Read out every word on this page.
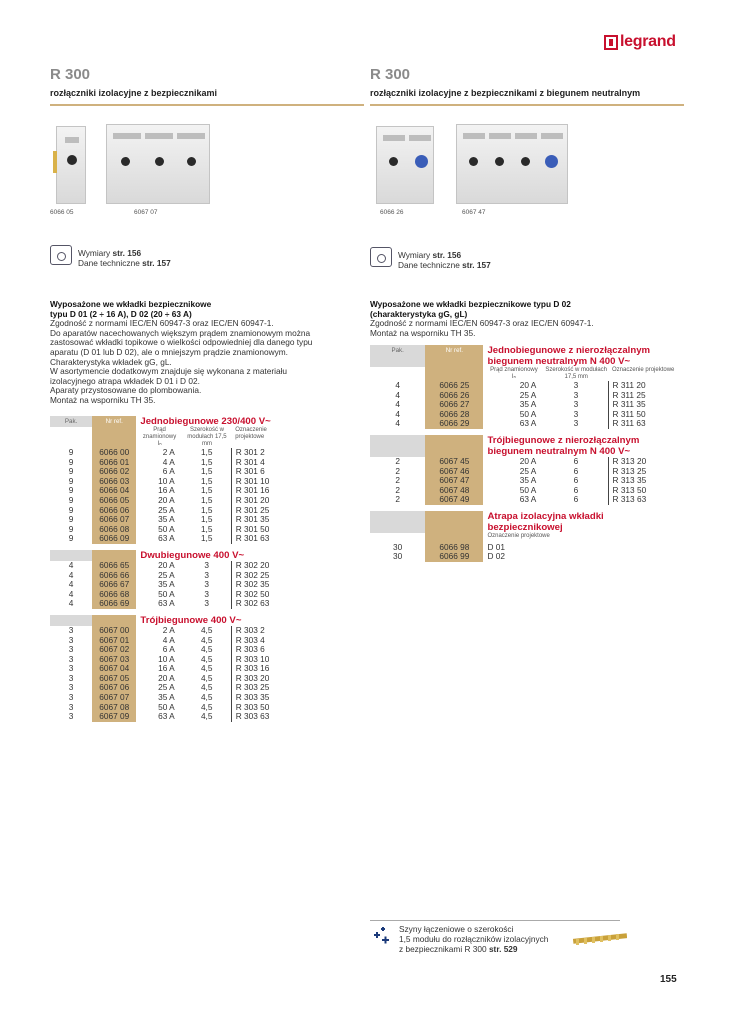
legrand
R 300
rozłączniki izolacyjne z bezpiecznikami
6066 05	6067 07
Wymiary str. 156
Dane techniczne str. 157
Wyposażone we wkładki bezpiecznikowe
typu D 01 (2 ÷ 16 A), D 02 (20 ÷ 63 A)
Zgodność z normami IEC/EN 60947-3 oraz IEC/EN 60947-1.
Do aparatów nacechowanych większym prądem znamionowym można
zastosować wkładki topikowe o wielkości odpowiedniej dla danego typu
aparatu (D 01 lub D 02), ale o mniejszym prądzie znamionowym.
Charakterystyka wkładek gG, gL.
W asortymencie dodatkowym znajduje się wykonana z materiału
izolacyjnego atrapa wkładek D 01 i D 02.
Aparaty przystosowane do plombowania.
Montaż na wsporniku TH 35.
Pak.	Nr ref.	Jednobiegunowe 230/400 V~		

		Prąd znamionowy
Iₙ	Szerokość w modułach 17,5 mm	Oznaczenie projektowe
9	6066 00	2 A	1,5	R 301 2
9	6066 01	4 A	1,5	R 301 4
9	6066 02	6 A	1,5	R 301 6
9	6066 03	10 A	1,5	R 301 10
9	6066 04	16 A	1,5	R 301 16
9	6066 05	20 A	1,5	R 301 20
9	6066 06	25 A	1,5	R 301 25
9	6066 07	35 A	1,5	R 301 35
9	6066 08	50 A	1,5	R 301 50
9	6066 09	63 A	1,5	R 301 63

		Dwubiegunowe 400 V~		
4	6066 65	20 A	3	R 302 20
4	6066 66	25 A	3	R 302 25
4	6066 67	35 A	3	R 302 35
4	6066 68	50 A	3	R 302 50
4	6066 69	63 A	3	R 302 63

		Trójbiegunowe 400 V~		
3	6067 00	2 A	4,5	R 303 2
3	6067 01	4 A	4,5	R 303 4
3	6067 02	6 A	4,5	R 303 6
3	6067 03	10 A	4,5	R 303 10
3	6067 04	16 A	4,5	R 303 16
3	6067 05	20 A	4,5	R 303 20
3	6067 06	25 A	4,5	R 303 25
3	6067 07	35 A	4,5	R 303 35
3	6067 08	50 A	4,5	R 303 50
3	6067 09	63 A	4,5	R 303 63
R 300
rozłączniki izolacyjne z bezpiecznikami z biegunem neutralnym
6066 26	6067 47
Wymiary str. 156
Dane techniczne str. 157
Wyposażone we wkładki bezpiecznikowe typu D 02
(charakterystyka gG, gL)
Zgodność z normami IEC/EN 60947-3 oraz IEC/EN 60947-1.
Montaż na wsporniku TH 35.
Pak.	Nr ref.	Jednobiegunowe z nierozłączalnym biegunem neutralnym N 400 V~		

		Prąd znamionowy
Iₙ	Szerokość w modułach 17,5 mm	Oznaczenie projektowe
4	6066 25	20 A	3	R 311 20
4	6066 26	25 A	3	R 311 25
4	6066 27	35 A	3	R 311 35
4	6066 28	50 A	3	R 311 50
4	6066 29	63 A	3	R 311 63

		Trójbiegunowe z nierozłączalnym biegunem neutralnym N 400 V~		
2	6067 45	20 A	6	R 313 20
2	6067 46	25 A	6	R 313 25
2	6067 47	35 A	6	R 313 35
2	6067 48	50 A	6	R 313 50
2	6067 49	63 A	6	R 313 63

		Atrapa izolacyjna wkładki bezpiecznikowej		
		Oznaczenie projektowe		
30	6066 98	D 01		
30	6066 99	D 02		
Szyny łączeniowe o szerokości
1,5 modułu do rozłączników izolacyjnych
z bezpiecznikami R 300 str. 529
155
